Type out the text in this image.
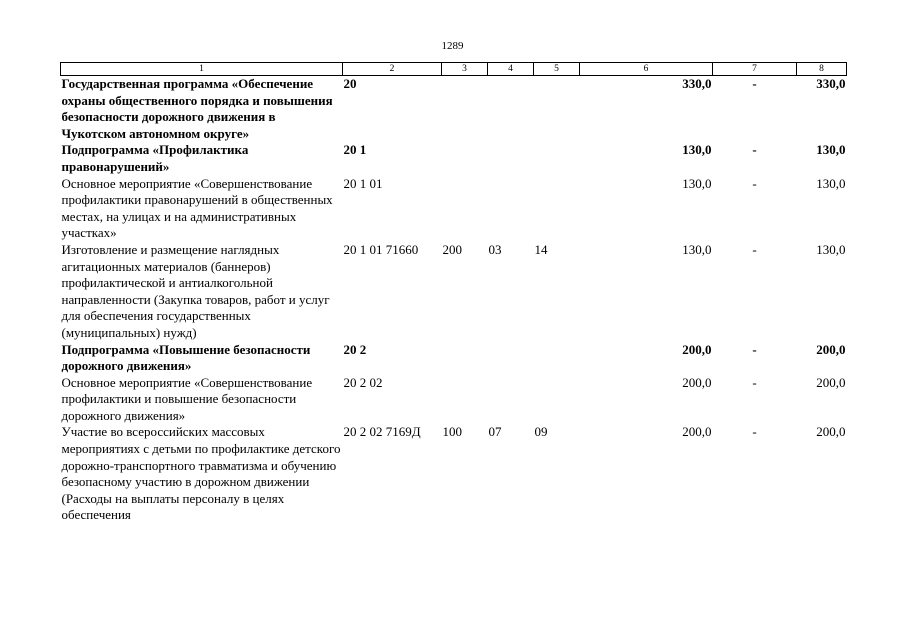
1289
1	2	3	4	5	6	7	8
Государственная программа «Обеспечение охраны общественного порядка и повышения безопасности дорожного движения в Чукотском автономном округе»	20				330,0	-	330,0
Подпрограмма «Профилактика правонарушений»	20 1				130,0	-	130,0
Основное мероприятие «Совершенствование профилактики правонарушений в общественных местах, на улицах и на административных участках»	20 1 01				130,0	-	130,0
Изготовление и размещение наглядных агитационных материалов (баннеров) профилактической и антиалкогольной направленности (Закупка товаров, работ и услуг для обеспечения государственных (муниципальных) нужд)	20 1 01 71660	200	03	14	130,0	-	130,0
Подпрограмма «Повышение безопасности дорожного движения»	20 2				200,0	-	200,0
Основное мероприятие «Совершенствование профилактики и повышение безопасности дорожного движения»	20 2 02				200,0	-	200,0
Участие во всероссийских массовых мероприятиях с детьми по профилактике детского дорожно-транспортного травматизма и обучению безопасному участию в дорожном движении (Расходы на выплаты персоналу в целях обеспечения	20 2 02 7169Д	100	07	09	200,0	-	200,0
